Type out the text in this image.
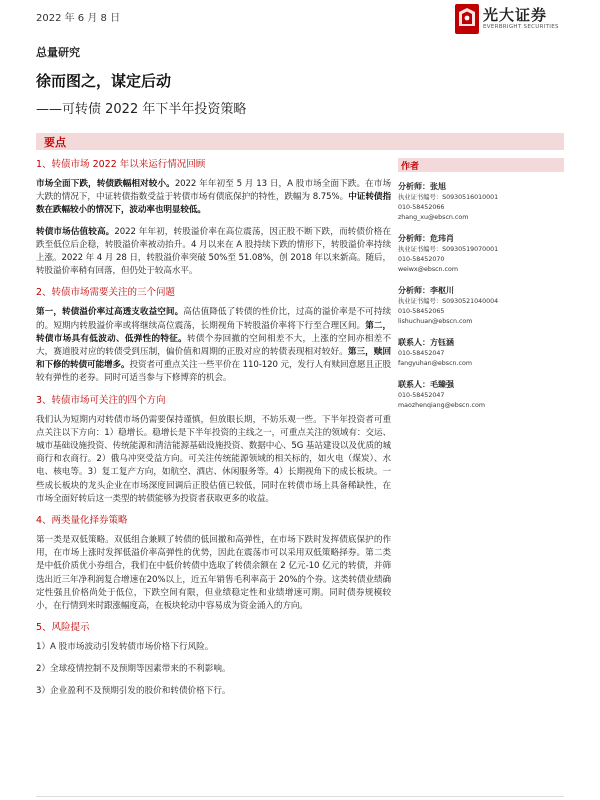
2022 年 6 月 8 日	光大证券
EVERBRIGHT SECURITIES
总量研究
徐而图之，谋定后动
——可转债 2022 年下半年投资策略
要点
1、转债市场 2022 年以来运行情况回顾
市场全面下跌，转债跌幅相对较小。2022 年年初至 5 月 13 日，A 股市场全面下跌。在市场大跌的情况下，中证转债指数受益于转债市场有债底保护的特性，跌幅为 8.75%。中证转债指数在跌幅较小的情况下，波动率也明显较低。
转债市场估值较高。2022 年年初，转股溢价率在高位震荡，因正股不断下跌，而转债价格在跌至低位后企稳，转股溢价率被动抬升。4 月以来在 A 股持续下跌的情形下，转股溢价率持续上涨。2022 年 4 月 28 日，转股溢价率突破 50%至 51.08%，创 2018 年以来新高。随后，转股溢价率稍有回落，但仍处于较高水平。
2、转债市场需要关注的三个问题
第一，转债溢价率过高透支收益空间。高估值降低了转债的性价比，过高的溢价率是不可持续的。短期内转股溢价率或将继续高位震荡，长期视角下转股溢价率将下行至合理区间。第二，转债市场具有低波动、低弹性的特征。转债个券回撤的空间相差不大，上涨的空间亦相差不大，赛道股对应的转债受到压制，偏价值和周期的正股对应的转债表现相对较好。第三，赎回和下修的转债可能增多。投资者可重点关注一些平价在 110-120 元，发行人有赎回意愿且正股较有弹性的老券。同时可适当参与下修博弈的机会。
3、转债市场可关注的四个方向
我们认为短期内对转债市场仍需要保持谨慎，但放眼长期，不妨乐观一些。下半年投资者可重点关注以下方向：1）稳增长。稳增长是下半年投资的主线之一，可重点关注的领域有：交运、城市基础设施投资、传统能源和清洁能源基础设施投资、数据中心、5G 基站建设以及优质的城商行和农商行。2）俄乌冲突受益方向。可关注传统能源领域的相关标的，如火电（煤炭）、水电、核电等。3）复工复产方向，如航空、酒店、休闲服务等。4）长期视角下的成长板块。一些成长板块的龙头企业在市场深度回调后正股估值已较低，同时在转债市场上具备稀缺性，在市场全面好转后这一类型的转债能够为投资者获取更多的收益。
4、两类量化择券策略
第一类是双低策略。双低组合兼顾了转债的低回撤和高弹性，在市场下跌时发挥债底保护的作用，在市场上涨时发挥低溢价率高弹性的优势，因此在震荡市可以采用双低策略择券。第二类是中低价质优小券组合，我们在中低价转债中选取了转债余额在 2 亿元-10 亿元的转债，并筛选出近三年净利润复合增速在20%以上，近五年销售毛利率高于 20%的个券。这类转债业绩确定性强且价格尚处于低位，下跌空间有限，但业绩稳定性和业绩增速可期。同时债券规模较小，在行情到来时跟涨幅度高，在板块轮动中容易成为资金涌入的方向。
5、风险提示
1）A 股市场波动引发转债市场价格下行风险。
2）全球疫情控制不及预期等因素带来的不利影响。
3）企业盈利不及预期引发的股价和转债价格下行。
作者
分析师：张旭
执业证书编号：S0930516010001
010-58452066
zhang_xu@ebscn.com
分析师：危玮肖
执业证书编号：S0930519070001
010-58452070
weiwx@ebscn.com
分析师：李枢川
执业证书编号：S0930521040004
010-58452065
lishuchuan@ebscn.com
联系人：方钰涵
010-58452047
fangyuhan@ebscn.com
联系人：毛臻强
010-58452047
maozhenqiang@ebscn.com
